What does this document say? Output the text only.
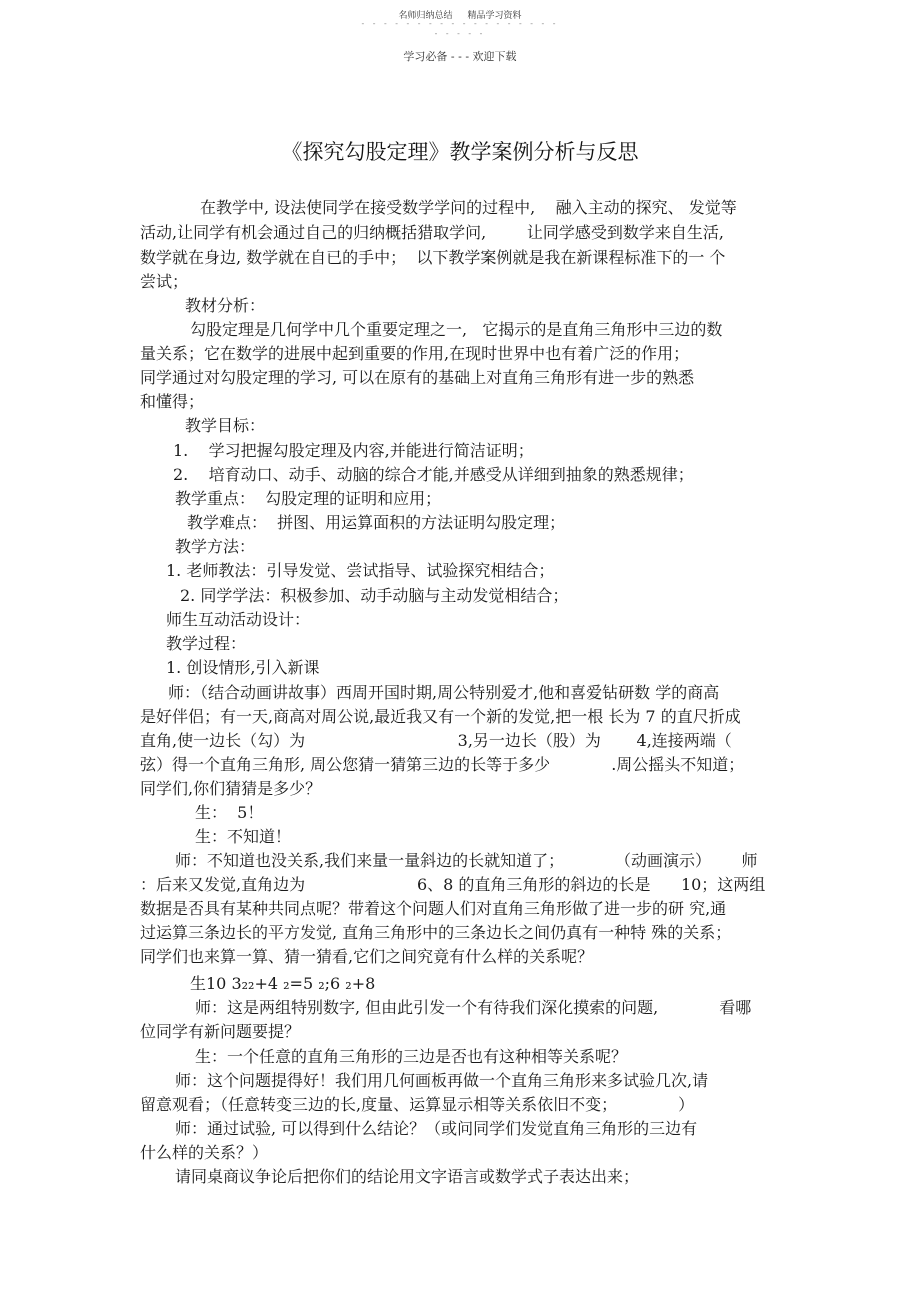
名师归纳总结 精品学习资料
- - - - - - - - - - - - - - - - - -
- - - - -
学习必备 - - - 欢迎下载
《探究勾股定理》教学案例分析与反思
在教学中, 设法使同学在接受数学学问的过程中,    融入主动的探究、 发觉等
活动,让同学有机会通过自己的归纳概括猎取学问,        让同学感受到数学来自生活,
数学就在身边, 数学就在自已的手中；  以下教学案例就是我在新课程标准下的一 个
尝试；
教材分析：
勾股定理是几何学中几个重要定理之一,   它揭示的是直角三角形中三边的数
量关系；它在数学的进展中起到重要的作用,在现时世界中也有着广泛的作用；
同学通过对勾股定理的学习, 可以在原有的基础上对直角三角形有进一步的熟悉
和懂得；
教学目标：
1.    学习把握勾股定理及内容,并能进行简洁证明；
2.    培育动口、动手、动脑的综合才能,并感受从详细到抽象的熟悉规律；
教学重点：  勾股定理的证明和应用；
教学难点：  拼图、用运算面积的方法证明勾股定理；
教学方法：
1. 老师教法：引导发觉、尝试指导、试验探究相结合；
2. 同学学法：积极参加、动手动脑与主动发觉相结合；
师生互动活动设计：
教学过程：
1. 创设情形,引入新课
师：（结合动画讲故事）西周开国时期,周公特别爱才,他和喜爱钻研数 学的商高
是好伴侣；有一天,商高对周公说,最近我又有一个新的发觉,把一根 长为 7 的直尺折成
直角,使一边长（勾）为                              3,另一边长（股）为       4,连接两端（
弦）得一个直角三角形, 周公您猜一猜第三边的长等于多少            .周公摇头不知道；
同学们,你们猜猜是多少？
生：  5！
生：不知道！
师：不知道也没关系,我们来量一量斜边的长就知道了；          （动画演示）      师
：后来又发觉,直角边为                      6、8 的直角三角形的斜边的长是      10；这两组
数据是否具有某种共同点呢？带着这个问题人们对直角三角形做了进一步的研 究,通
过运算三条边长的平方发觉, 直角三角形中的三条边长之间仍真有一种特 殊的关系；
同学们也来算一算、猜一猜看,它们之间究竟有什么样的关系呢？
生10 3₂₂+4 ₂=5 ₂;6 ₂+8
师：这是两组特别数字, 但由此引发一个有待我们深化摸索的问题,            看哪
位同学有新问题要提？
生：一个任意的直角三角形的三边是否也有这种相等关系呢？
师：这个问题提得好！我们用几何画板再做一个直角三角形来多试验几次,请
留意观看；（任意转变三边的长,度量、运算显示相等关系依旧不变；            ）
师：通过试验, 可以得到什么结论？（或问同学们发觉直角三角形的三边有
什么样的关系？）
请同桌商议争论后把你们的结论用文字语言或数学式子表达出来；
